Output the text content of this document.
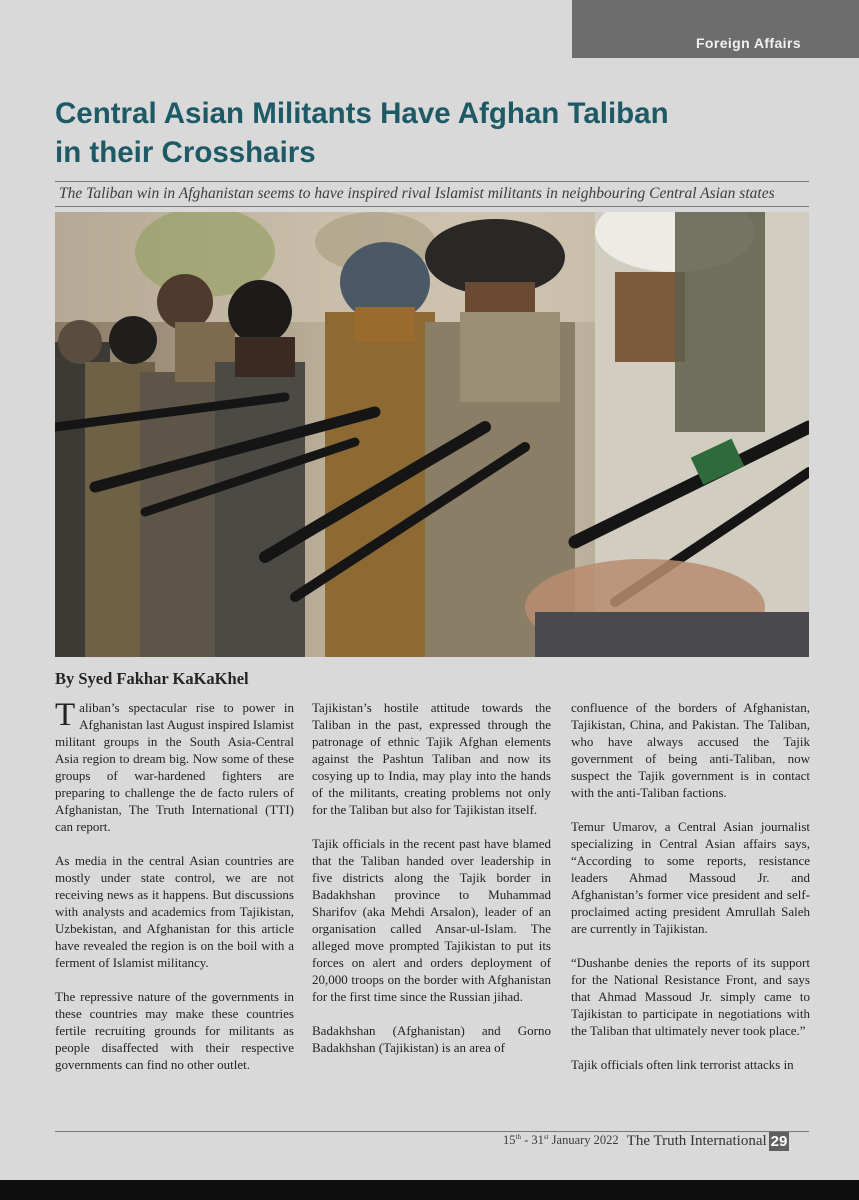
Foreign Affairs
Central Asian Militants Have Afghan Taliban
in their Crosshairs
The Taliban win in Afghanistan seems to have inspired rival Islamist militants in neighbouring Central Asian states

By Syed Fakhar KaKaKhel

Taliban’s spectacular rise to power in Afghanistan last August inspired Islamist militant groups in the South Asia-Central Asia region to dream big. Now some of these groups of war-hardened fighters are preparing to challenge the de facto rulers of Afghanistan, The Truth International (TTI) can report.

As media in the central Asian countries are mostly under state control, we are not receiving news as it happens. But discussions with analysts and academics from Tajikistan, Uzbekistan, and Afghanistan for this article have revealed the region is on the boil with a ferment of Islamist militancy.

The repressive nature of the governments in these countries may make these countries fertile recruiting grounds for militants as people disaffected with their respective governments can find no other outlet.

Tajikistan’s hostile attitude towards the Taliban in the past, expressed through the patronage of ethnic Tajik Afghan elements against the Pashtun Taliban and now its cosying up to India, may play into the hands of the militants, creating problems not only for the Taliban but also for Tajikistan itself.

Tajik officials in the recent past have blamed that the Taliban handed over leadership in five districts along the Tajik border in Badakhshan province to Muhammad Sharifov (aka Mehdi Arsalon), leader of an organisation called Ansar-ul-Islam. The alleged move prompted Tajikistan to put its forces on alert and orders deployment of 20,000 troops on the border with Afghanistan for the first time since the Russian jihad.

Badakhshan (Afghanistan) and Gorno Badakhshan (Tajikistan) is an area of

confluence of the borders of Afghanistan, Tajikistan, China, and Pakistan. The Taliban, who have always accused the Tajik government of being anti-Taliban, now suspect the Tajik government is in contact with the anti-Taliban factions.

Temur Umarov, a Central Asian journalist specializing in Central Asian affairs says, “According to some reports, resistance leaders Ahmad Massoud Jr. and Afghanistan’s former vice president and self-proclaimed acting president Amrullah Saleh are currently in Tajikistan.

“Dushanbe denies the reports of its support for the National Resistance Front, and says that Ahmad Massoud Jr. simply came to Tajikistan to participate in negotiations with the Taliban that ultimately never took place.”

Tajik officials often link terrorist attacks in

15th - 31st January 2022 The Truth International 29
